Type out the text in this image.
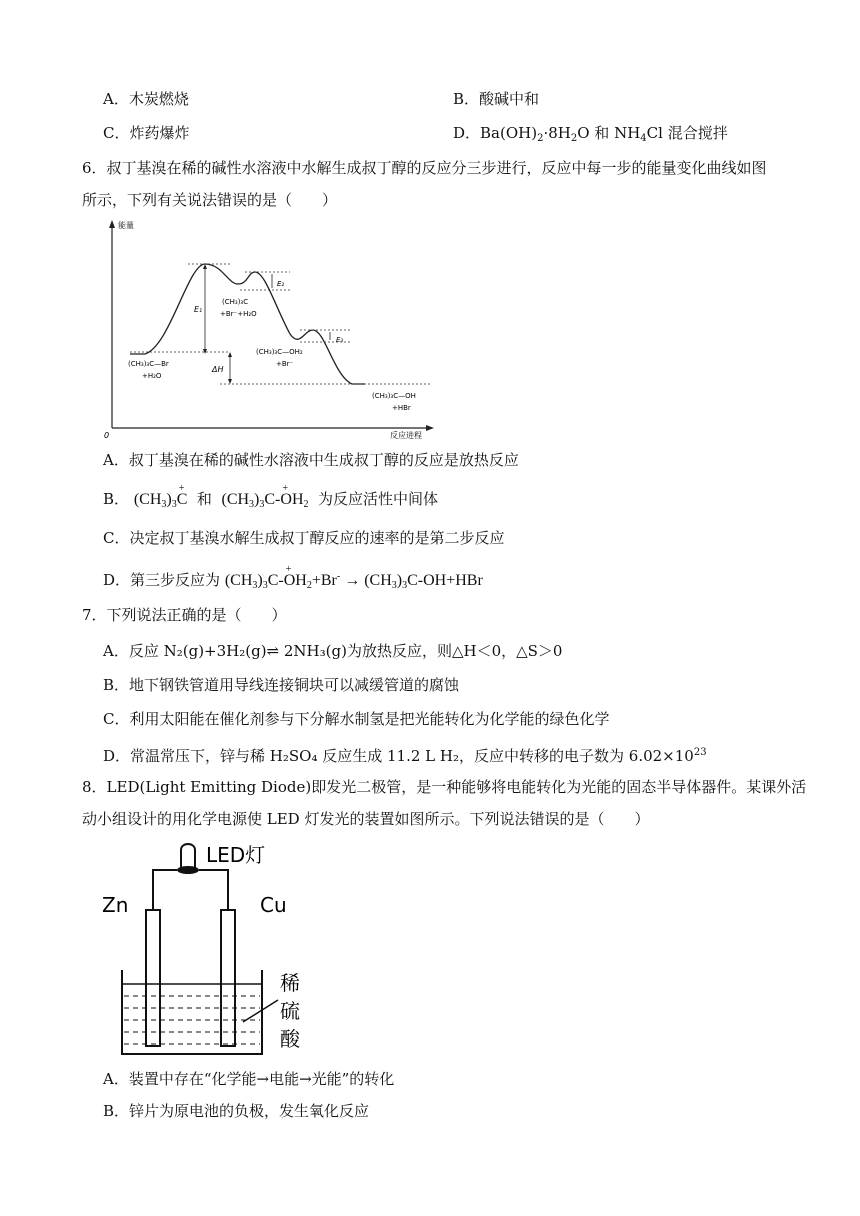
A．木炭燃烧	B．酸碱中和
C．炸药爆炸	D．$Ba(OH)_2\cdot 8H_2O$ 和 $NH_4Cl$ 混合搅拌
6．叔丁基溴在稀的碱性水溶液中水解生成叔丁醇的反应分三步进行，反应中每一步的能量变化曲线如图
所示，下列有关说法错误的是（　　）
能量
反应进程
0
E₁
E₂
E₃
ΔH
(CH₃)₃C—Br
+H₂O
(CH₃)₃C
+Br⁻+H₂O
(CH₃)₃C—OH₂
+Br⁻
(CH₃)₃C—OH
+HBr
A．叔丁基溴在稀的碱性水溶液中生成叔丁醇的反应是放热反应
B． $(CH_3)_3+ C$ 和 $(CH_3)_3C-+ OH_2$ 为反应活性中间体
C．决定叔丁基溴水解生成叔丁醇反应的速率的是第二步反应
D．第三步反应为 $(CH_3)_3C-+ OH_2+Br^- \to (CH_3)_3C-OH+HBr$
7．下列说法正确的是（　　）
A．反应 N₂(g)+3H₂(g)⇌ 2NH₃(g)为放热反应，则△H＜0，△S＞0
B．地下钢铁管道用导线连接铜块可以减缓管道的腐蚀
C．利用太阳能在催化剂参与下分解水制氢是把光能转化为化学能的绿色化学
D．常温常压下，锌与稀 H₂SO₄ 反应生成 11.2 L H₂，反应中转移的电子数为 $6.02\times 10^{23}$
8．LED(Light Emitting Diode)即发光二极管，是一种能够将电能转化为光能的固态半导体器件。某课外活
动小组设计的用化学电源使 LED 灯发光的装置如图所示。下列说法错误的是（　　）
LED灯
Zn	Cu
稀
硫
酸
A．装置中存在“化学能→电能→光能”的转化
B．锌片为原电池的负极，发生氧化反应
